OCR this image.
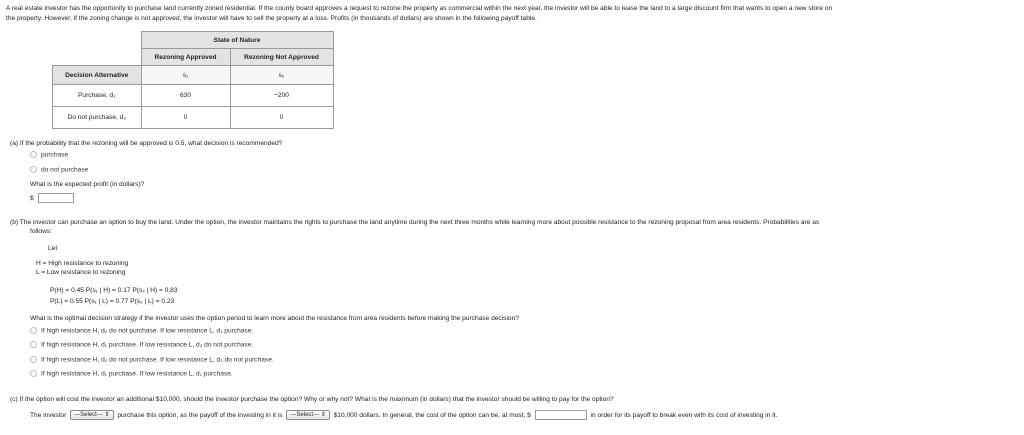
A real estate investor has the opportunity to purchase land currently zoned residential. If the county board approves a request to rezone the property as commercial within the next year, the investor will be able to lease the land to a large discount firm that wants to open a new store on
the property. However, if the zoning change is not approved, the investor will have to sell the property at a loss. Profits (in thousands of dollars) are shown in the following payoff table.
	State of Nature	
	Rezoning Approved	Rezoning Not Approved
Decision Alternative	s₁	s₂
Purchase, d₁	630	−200
Do not purchase, d₂	0	0
(a) If the probability that the rezoning will be approved is 0.5, what decision is recommended?
purchase
do not purchase
What is the expected profit (in dollars)?
$
(b) The investor can purchase an option to buy the land. Under the option, the investor maintains the rights to purchase the land anytime during the next three months while learning more about possible resistance to the rezoning proposal from area residents. Probabilities are as
follows:
Let
H = High resistance to rezoning
L = Low resistance to rezoning
P(H) = 0.45 P(s₁ | H) = 0.17 P(s₂ | H) = 0.83
P(L) = 0.55 P(s₁ | L) = 0.77 P(s₂ | L) = 0.23
What is the optimal decision strategy if the investor uses the option period to learn more about the resistance from area residents before making the purchase decision?
If high resistance H, d₂ do not purchase. If low resistance L, d₁ purchase.
If high resistance H, d₁ purchase. If low resistance L, d₂ do not purchase.
If high resistance H, d₂ do not purchase. If low resistance L, d₂ do not purchase.
If high resistance H, d₁ purchase. If low resistance L, d₁ purchase.
(c) If the option will cost the investor an additional $10,000, should the investor purchase the option? Why or why not? What is the maximum (in dollars) that the investor should be willing to pay for the option?
The investor ---Select--- ⇕ purchase this option, as the payoff of the investing in it is ---Select--- ⇕ $10,000 dollars. In general, the cost of the option can be, at most, $	in order for its payoff to break even with its cost of investing in it.
